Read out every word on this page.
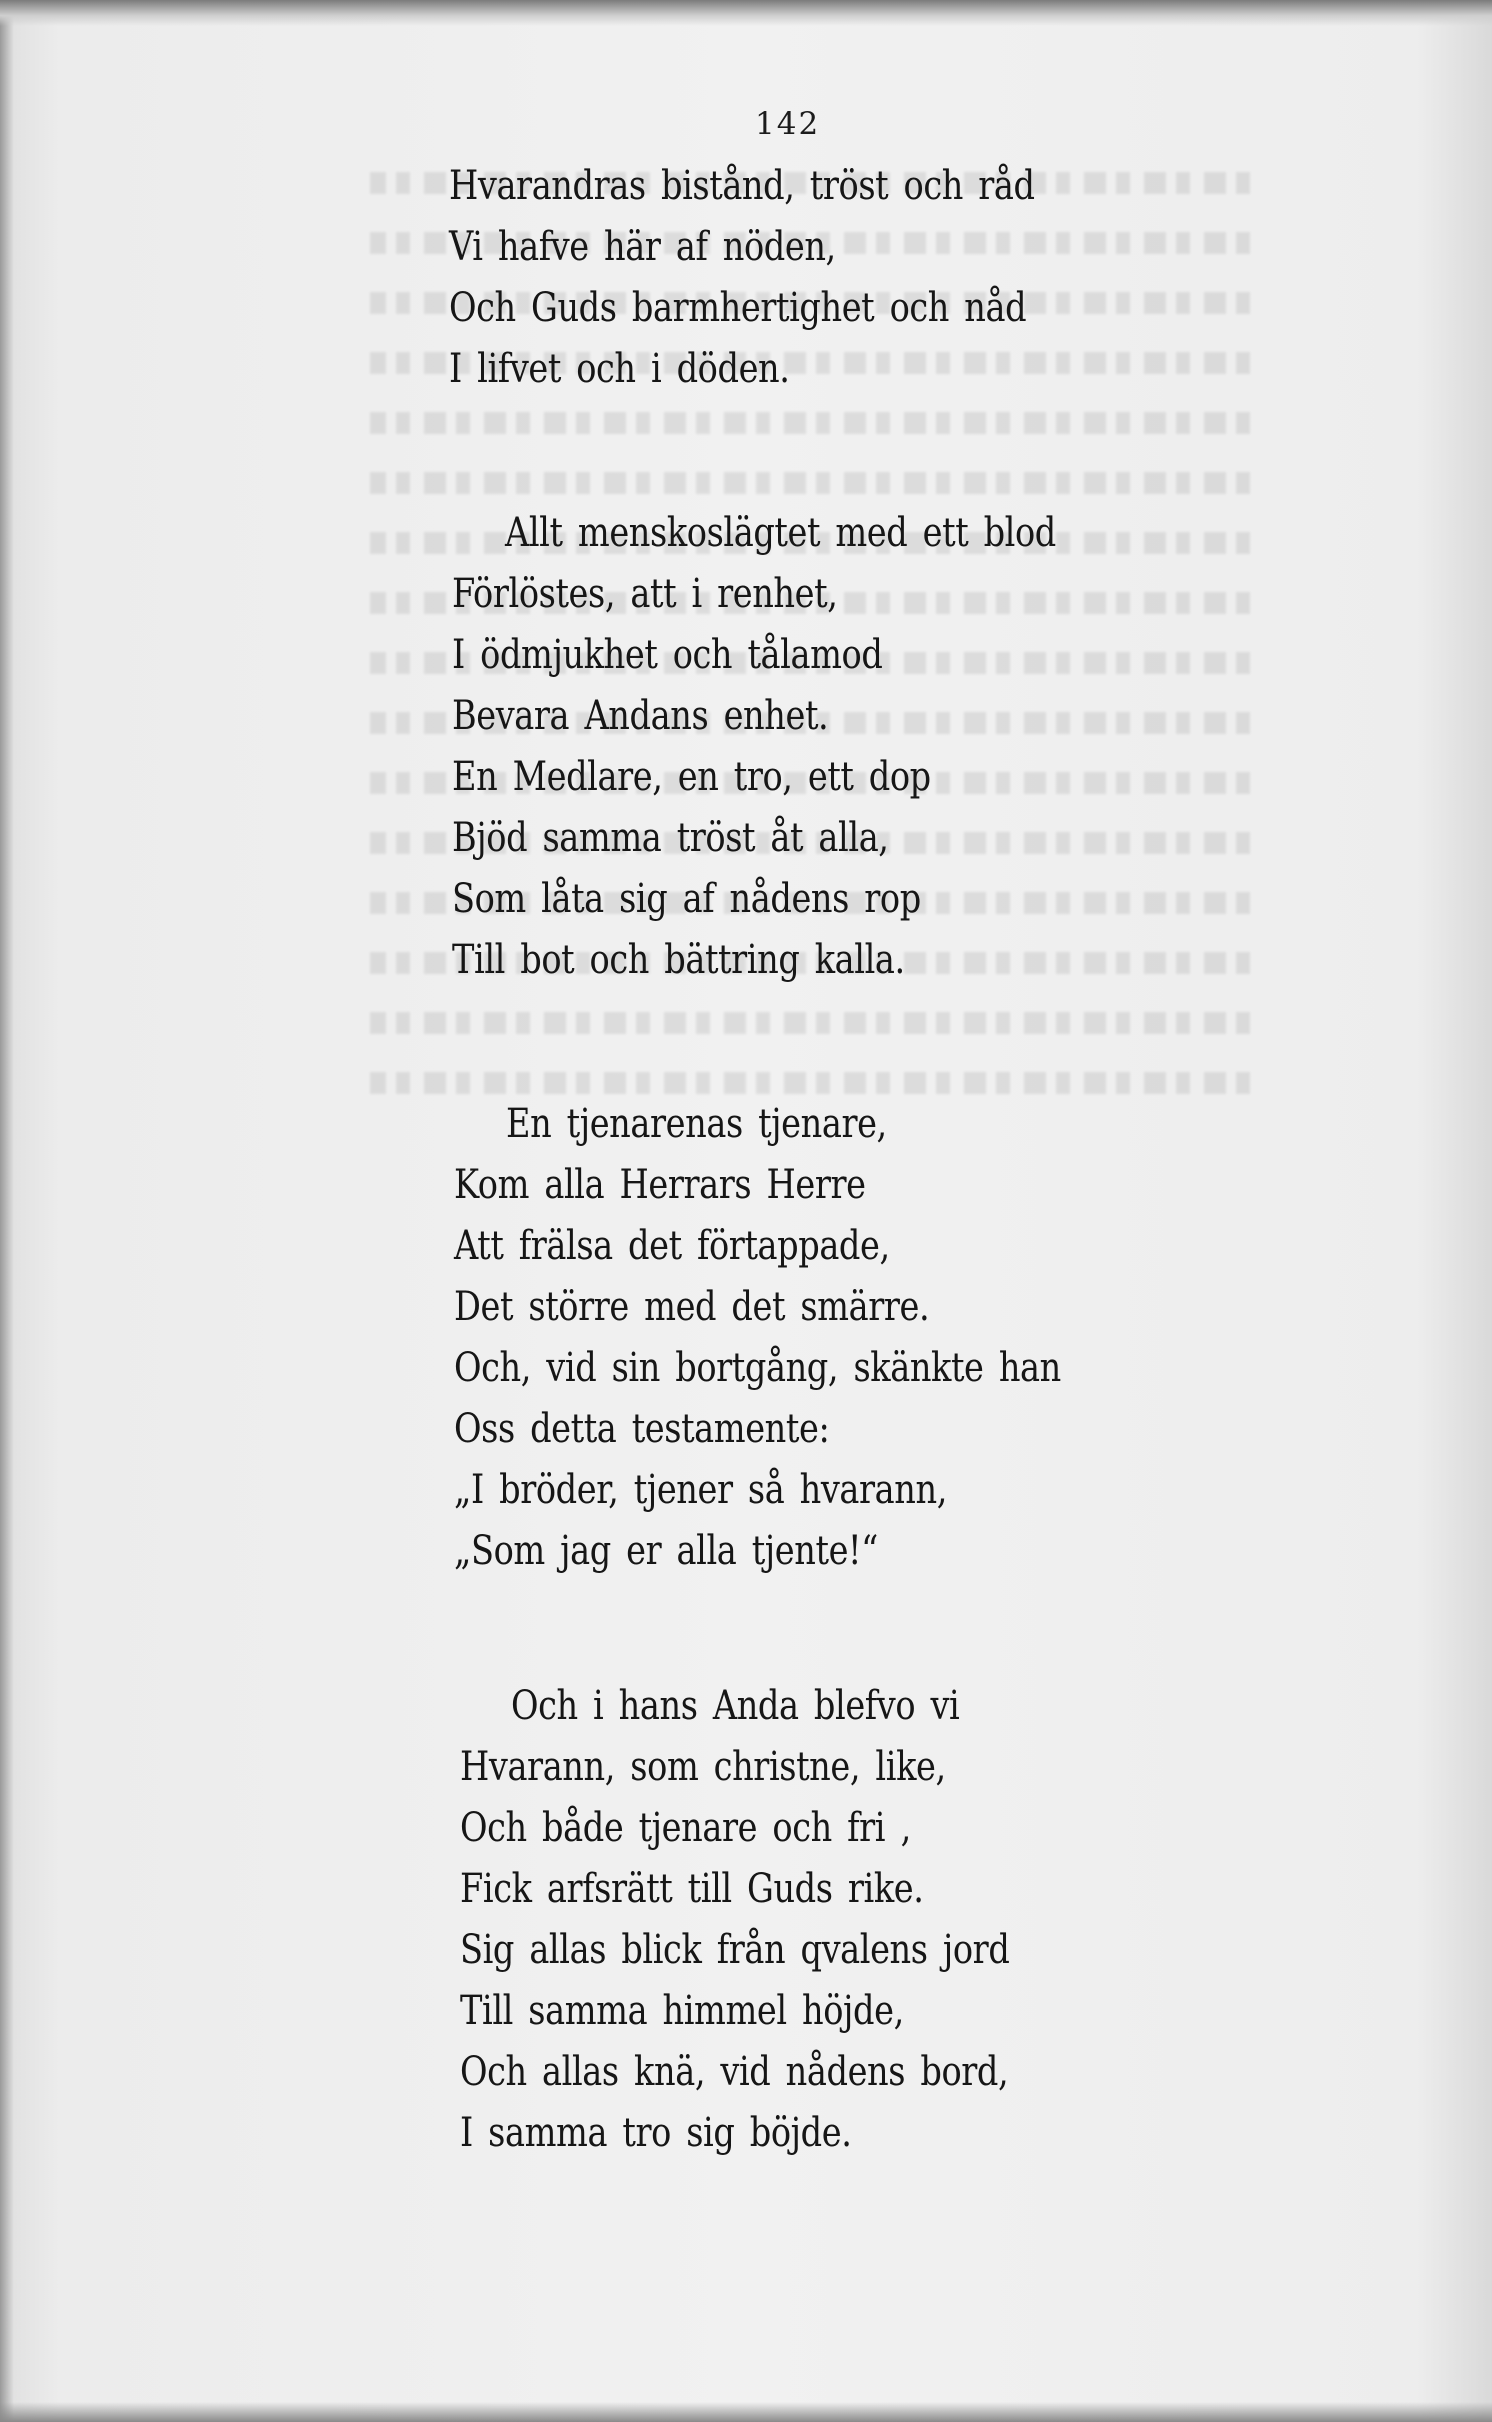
142
Hvarandras bistånd, tröst och råd
Vi hafve här af nöden,
Och Guds barmhertighet och nåd
I lifvet och i döden.
Allt menskoslägtet med ett blod
Förlöstes, att i renhet,
I ödmjukhet och tålamod
Bevara Andans enhet.
En Medlare, en tro, ett dop
Bjöd samma tröst åt alla,
Som låta sig af nådens rop
Till bot och bättring kalla.
En tjenarenas tjenare,
Kom alla Herrars Herre
Att frälsa det förtappade,
Det större med det smärre.
Och, vid sin bortgång, skänkte han
Oss detta testamente:
„I bröder, tjener så hvarann,
„Som jag er alla tjente!“
Och i hans Anda blefvo vi
Hvarann, som christne, like,
Och både tjenare och fri ‚
Fick arfsrätt till Guds rike.
Sig allas blick från qvalens jord
Till samma himmel höjde,
Och allas knä, vid nådens bord,
I samma tro sig böjde.
